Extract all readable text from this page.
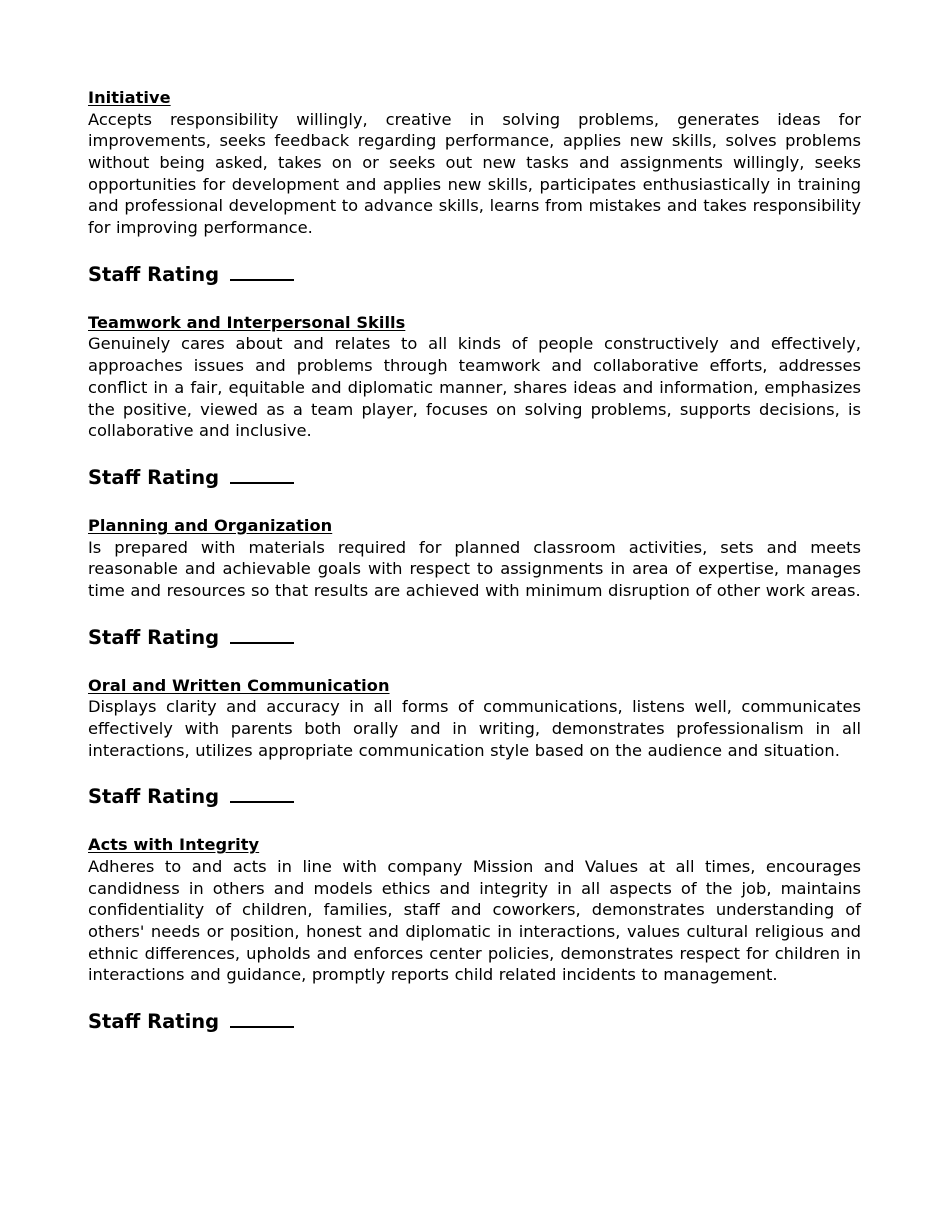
Initiative

Accepts responsibility willingly, creative in solving problems, generates ideas for improvements, seeks feedback regarding performance, applies new skills, solves problems without being asked, takes on or seeks out new tasks and assignments willingly, seeks opportunities for development and applies new skills, participates enthusiastically in training and professional development to advance skills, learns from mistakes and takes responsibility for improving performance.

Staff Rating
Teamwork and Interpersonal Skills

Genuinely cares about and relates to all kinds of people constructively and effectively, approaches issues and problems through teamwork and collaborative efforts, addresses conflict in a fair, equitable and diplomatic manner, shares ideas and information, emphasizes the positive, viewed as a team player, focuses on solving problems, supports decisions, is collaborative and inclusive.

Staff Rating
Planning and Organization

Is prepared with materials required for planned classroom activities, sets and meets reasonable and achievable goals with respect to assignments in area of expertise, manages time and resources so that results are achieved with minimum disruption of other work areas.

Staff Rating
Oral and Written Communication

Displays clarity and accuracy in all forms of communications, listens well, communicates effectively with parents both orally and in writing, demonstrates professionalism in all interactions, utilizes appropriate communication style based on the audience and situation.

Staff Rating
Acts with Integrity

Adheres to and acts in line with company Mission and Values at all times, encourages candidness in others and models ethics and integrity in all aspects of the job, maintains confidentiality of children, families, staff and coworkers, demonstrates understanding of others' needs or position, honest and diplomatic in interactions, values cultural religious and ethnic differences, upholds and enforces center policies, demonstrates respect for children in interactions and guidance, promptly reports child related incidents to management.

Staff Rating
